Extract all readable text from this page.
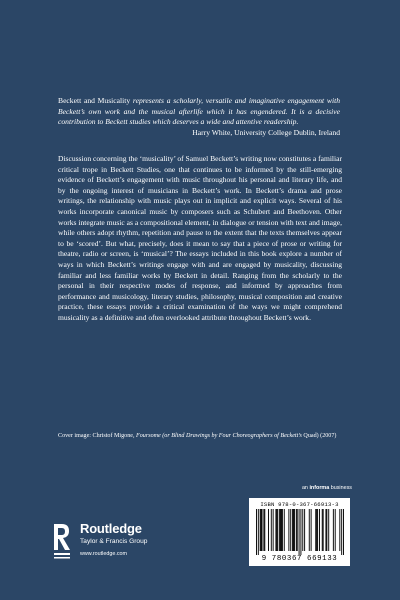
Beckett and Musicality represents a scholarly, versatile and imaginative engagement with Beckett’s own work and the musical afterlife which it has engendered. It is a decisive contribution to Beckett studies which deserves a wide and attentive readership.
Harry White, University College Dublin, Ireland
Discussion concerning the ‘musicality’ of Samuel Beckett’s writing now constitutes a familiar critical trope in Beckett Studies, one that continues to be informed by the still-emerging evidence of Beckett’s engagement with music throughout his personal and literary life, and by the ongoing interest of musicians in Beckett’s work. In Beckett’s drama and prose writings, the relationship with music plays out in implicit and explicit ways. Several of his works incorporate canonical music by composers such as Schubert and Beethoven. Other works integrate music as a compositional element, in dialogue or tension with text and image, while others adopt rhythm, repetition and pause to the extent that the texts themselves appear to be ‘scored’. But what, precisely, does it mean to say that a piece of prose or writing for theatre, radio or screen, is ‘musical’? The essays included in this book explore a number of ways in which Beckett’s writings engage with and are engaged by musicality, discussing familiar and less familiar works by Beckett in detail. Ranging from the scholarly to the personal in their respective modes of response, and informed by approaches from performance and musicology, literary studies, philosophy, musical composition and creative practice, these essays provide a critical examination of the ways we might comprehend musicality as a definitive and often overlooked attribute throughout Beckett’s work.
Cover image: Christof Migone, Foursome (or Blind Drawings by Four Choreographers of Beckett’s Quad) (2007)
an informa business
Routledge
Taylor & Francis Group
www.routledge.com
ISBN 978-0-367-66913-3
9 780367 669133
